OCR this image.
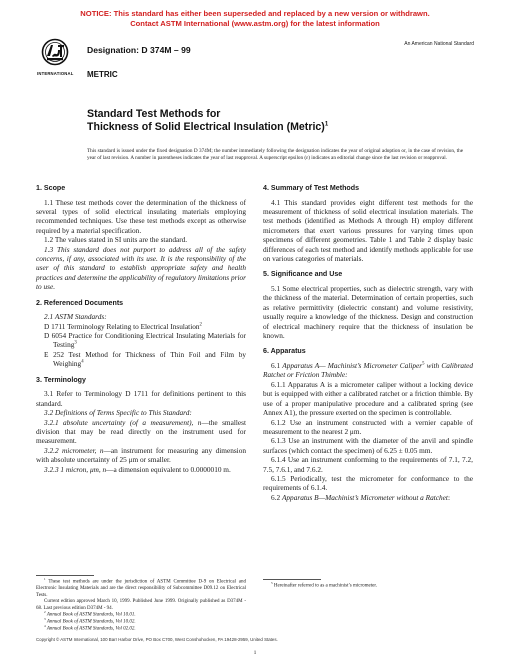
NOTICE: This standard has either been superseded and replaced by a new version or withdrawn.
Contact ASTM International (www.astm.org) for the latest information
INTERNATIONAL
Designation: D 374M – 99
METRIC
An American National Standard
Standard Test Methods for
Thickness of Solid Electrical Insulation (Metric)$^1$
This standard is issued under the fixed designation D 374M; the number immediately following the designation indicates the year of original adoption or, in the case of revision, the year of last revision. A number in parentheses indicates the year of last reapproval. A superscript epsilon (ε) indicates an editorial change since the last revision or reapproval.
1. Scope

1.1 These test methods cover the determination of the thickness of several types of solid electrical insulating materials employing recommended techniques. Use these test methods except as otherwise required by a material specification.

1.2 The values stated in SI units are the standard.

1.3 This standard does not purport to address all of the safety concerns, if any, associated with its use. It is the responsibility of the user of this standard to establish appropriate safety and health practices and determine the applicability of regulatory limitations prior to use.

2. Referenced Documents

2.1 ASTM Standards:

D 1711 Terminology Relating to Electrical Insulation$^2$

D 6054 Practice for Conditioning Electrical Insulating Materials for Testing$^3$

E 252 Test Method for Thickness of Thin Foil and Film by Weighing$^4$

3. Terminology

3.1 Refer to Terminology D 1711 for definitions pertinent to this standard.

3.2 Definitions of Terms Specific to This Standard:

3.2.1 absolute uncertainty (of a measurement), n—the smallest division that may be read directly on the instrument used for measurement.

3.2.2 micrometer, n—an instrument for measuring any dimension with absolute uncertainty of 25 μm or smaller.

3.2.3 1 micron, μm, n—a dimension equivalent to 0.0000010 m.

$^1$ These test methods are under the jurisdiction of ASTM Committee D-9 on Electrical and Electronic Insulating Materials and are the direct responsibility of Subcommittee D09.12 on Electrical Tests.

Current edition approved March 10, 1999. Published June 1999. Originally published as D374M - 68. Last previous edition D374M - 94.

$^2$ Annual Book of ASTM Standards, Vol 10.01.

$^3$ Annual Book of ASTM Standards, Vol 10.02.

$^4$ Annual Book of ASTM Standards, Vol 02.02.

4. Summary of Test Methods

4.1 This standard provides eight different test methods for the measurement of thickness of solid electrical insulation materials. The test methods (identified as Methods A through H) employ different micrometers that exert various pressures for varying times upon specimens of different geometries. Table 1 and Table 2 display basic differences of each test method and identify methods applicable for use on various categories of materials.

5. Significance and Use

5.1 Some electrical properties, such as dielectric strength, vary with the thickness of the material. Determination of certain properties, such as relative permittivity (dielectric constant) and volume resistivity, usually require a knowledge of the thickness. Design and construction of electrical machinery require that the thickness of insulation be known.

6. Apparatus

6.1 Apparatus A— Machinist’s Micrometer Caliper$^5$ with Calibrated Ratchet or Friction Thimble:

6.1.1 Apparatus A is a micrometer caliper without a locking device but is equipped with either a calibrated ratchet or a friction thimble. By use of a proper manipulative procedure and a calibrated spring (see Annex A1), the pressure exerted on the specimen is controllable.

6.1.2 Use an instrument constructed with a vernier capable of measurement to the nearest 2 μm.

6.1.3 Use an instrument with the diameter of the anvil and spindle surfaces (which contact the specimen) of 6.25 ± 0.05 mm.

6.1.4 Use an instrument conforming to the requirements of 7.1, 7.2, 7.5, 7.6.1, and 7.6.2.

6.1.5 Periodically, test the micrometer for conformance to the requirements of 6.1.4.

6.2 Apparatus B—Machinist’s Micrometer without a Ratchet:

$^5$ Hereinafter referred to as a machinist’s micrometer.

Copyright © ASTM International, 100 Barr Harbor Drive, PO Box C700, West Conshohocken, PA 19428-2959, United States.
1
